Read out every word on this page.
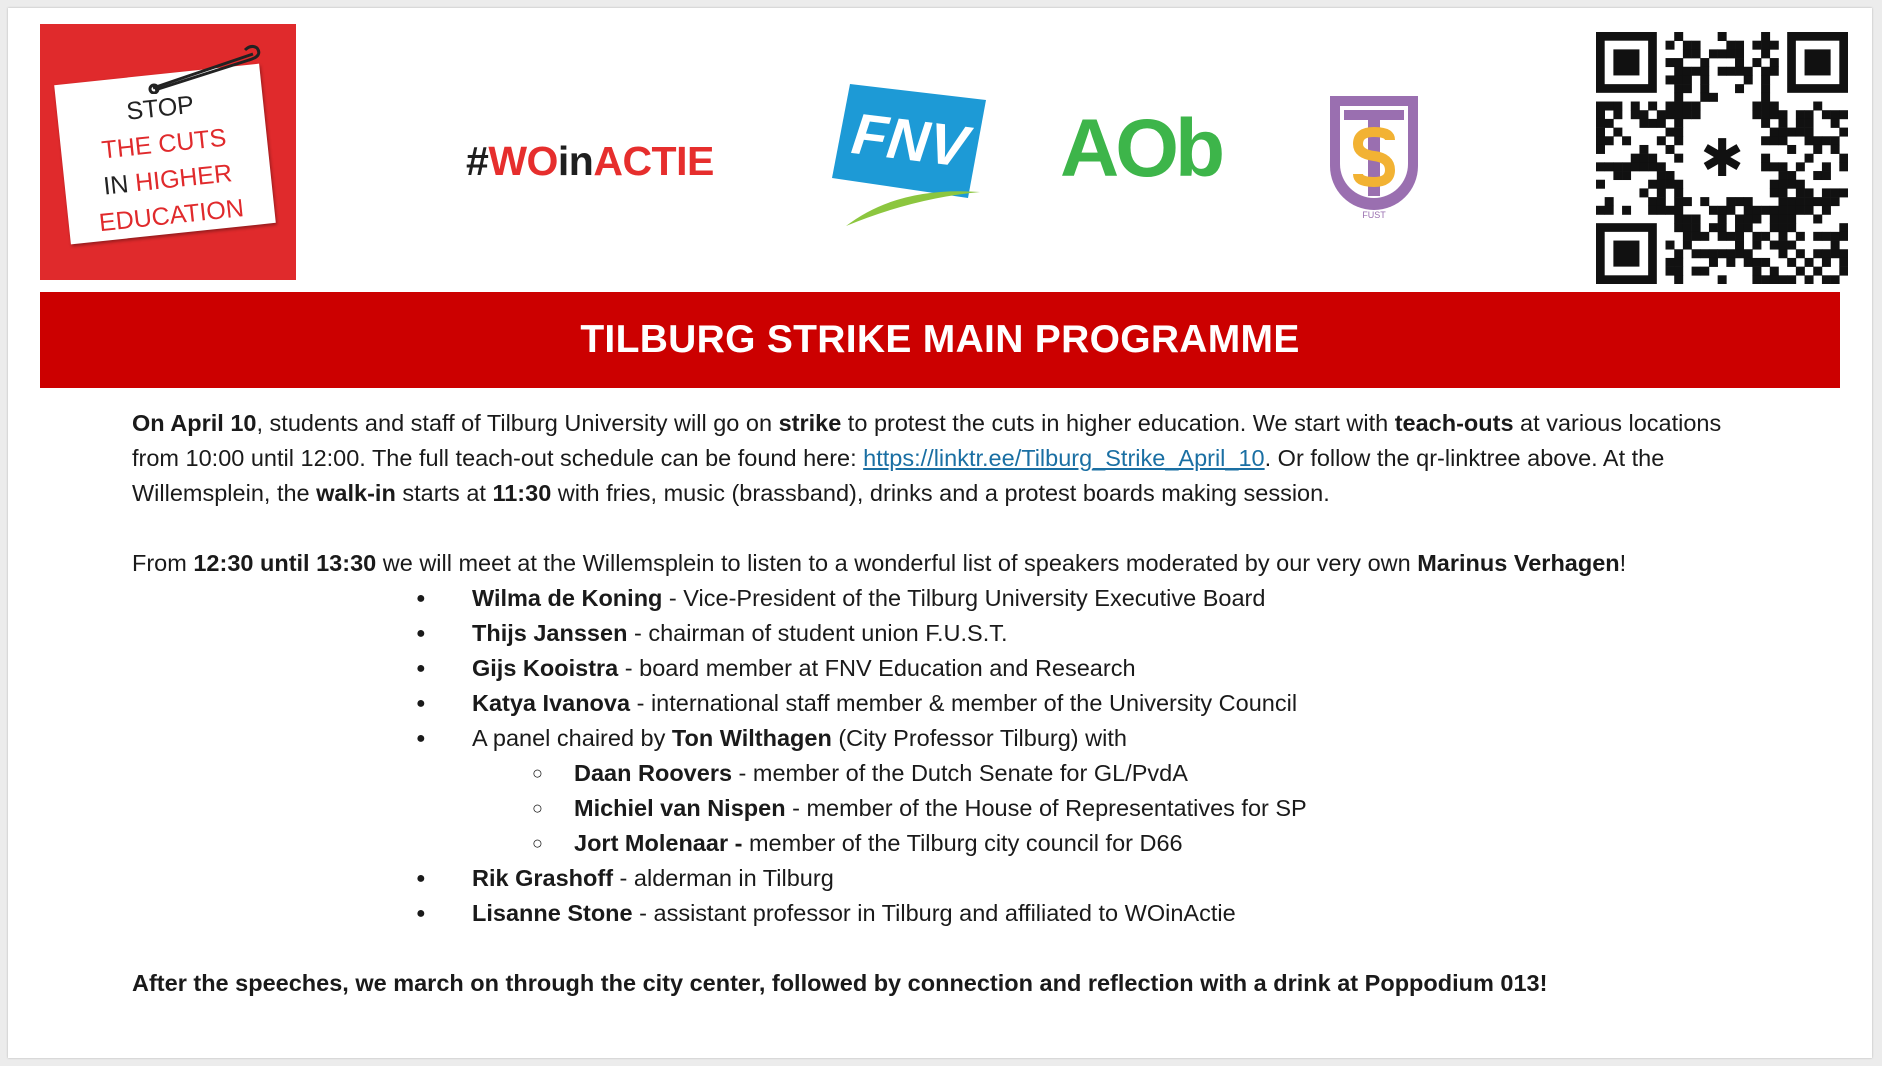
STOP
THE CUTS
IN HIGHER
EDUCATION
#WOinACTIE FNV AOb
FUST
✱
TILBURG STRIKE MAIN PROGRAMME

On April 10, students and staff of Tilburg University will go on strike to protest the cuts in higher education. We start with teach-outs at various locations from 10:00 until 12:00. The full teach-out schedule can be found here: https://linktr.ee/Tilburg_Strike_April_10. Or follow the qr-linktree above. At the Willemsplein, the walk-in starts at 11:30 with fries, music (brassband), drinks and a protest boards making session.

From 12:30 until 13:30 we will meet at the Willemsplein to listen to a wonderful list of speakers moderated by our very own Marinus Verhagen!

● Wilma de Koning - Vice-President of the Tilburg University Executive Board
● Thijs Janssen - chairman of student union F.U.S.T.
● Gijs Kooistra - board member at FNV Education and Research
● Katya Ivanova - international staff member & member of the University Council
● A panel chaired by Ton Wilthagen (City Professor Tilburg) with
○ Daan Roovers - member of the Dutch Senate for GL/PvdA
○ Michiel van Nispen - member of the House of Representatives for SP
○ Jort Molenaar - member of the Tilburg city council for D66
● Rik Grashoff - alderman in Tilburg
● Lisanne Stone - assistant professor in Tilburg and affiliated to WOinActie

After the speeches, we march on through the city center, followed by connection and reflection with a drink at Poppodium 013!
